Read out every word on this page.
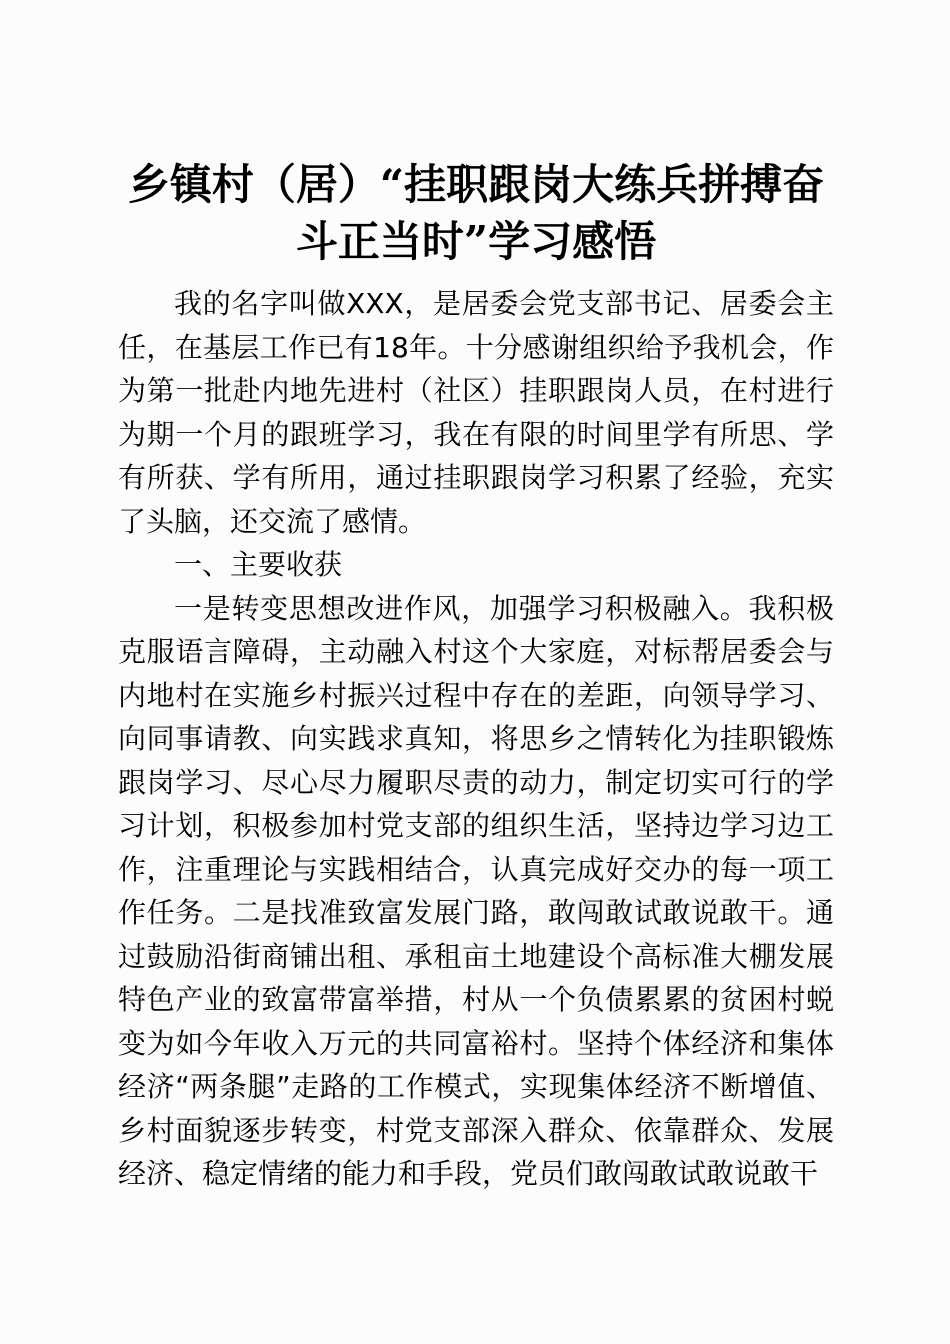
乡镇村（居）“挂职跟岗大练兵拼搏奋斗正当时”学习感悟

我的名字叫做XXX，是居委会党支部书记、居委会主任，在基层工作已有18年。十分感谢组织给予我机会，作为第一批赴内地先进村（社区）挂职跟岗人员，在村进行为期一个月的跟班学习，我在有限的时间里学有所思、学有所获、学有所用，通过挂职跟岗学习积累了经验，充实了头脑，还交流了感情。

一、主要收获

一是转变思想改进作风，加强学习积极融入。我积极克服语言障碍，主动融入村这个大家庭，对标帮居委会与内地村在实施乡村振兴过程中存在的差距，向领导学习、向同事请教、向实践求真知，将思乡之情转化为挂职锻炼跟岗学习、尽心尽力履职尽责的动力，制定切实可行的学习计划，积极参加村党支部的组织生活，坚持边学习边工作，注重理论与实践相结合，认真完成好交办的每一项工作任务。二是找准致富发展门路，敢闯敢试敢说敢干。通过鼓励沿街商铺出租、承租亩土地建设个高标准大棚发展特色产业的致富带富举措，村从一个负债累累的贫困村蜕变为如今年收入万元的共同富裕村。坚持个体经济和集体经济“两条腿”走路的工作模式，实现集体经济不断增值、乡村面貌逐步转变，村党支部深入群众、依靠群众、发展经济、稳定情绪的能力和手段，党员们敢闯敢试敢说敢干
